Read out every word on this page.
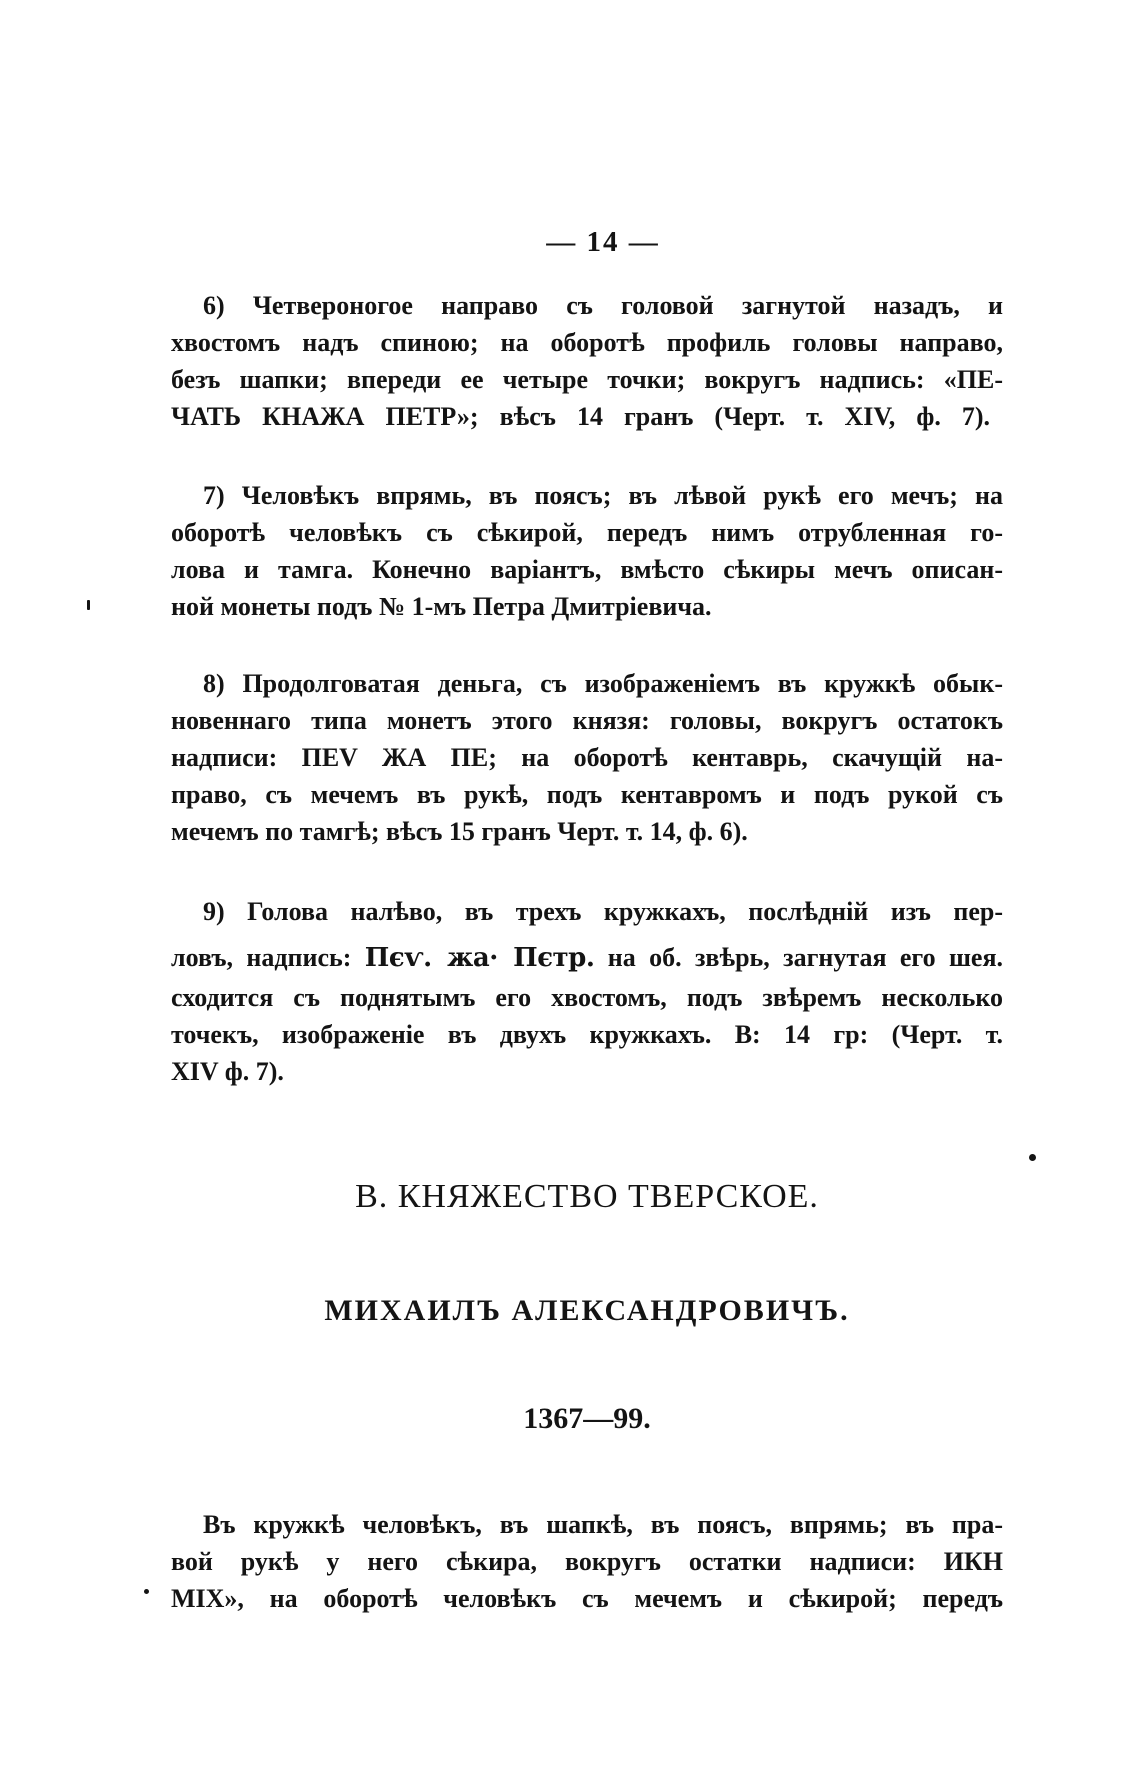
— 14 —
6) Четвероногое направо съ головой загнутой назадъ, и
хвостомъ надъ спиною; на оборотѣ профиль головы направо,
безъ шапки; впереди ее четыре точки; вокругъ надпись: «ПЕ-
ЧАТЬ КНАЖА ПЕТР»; вѣсъ 14 гранъ (Черт. т. XIV, ф. 7).
7) Человѣкъ впрямь, въ поясъ; въ лѣвой рукѣ его мечъ; на
оборотѣ человѣкъ съ сѣкирой, передъ нимъ отрубленная го-
лова и тамга. Конечно варіантъ, вмѣсто сѣкиры мечъ описан-
ной монеты подъ № 1-мъ Петра Дмитріевича.
8) Продолговатая деньга, съ изображеніемъ въ кружкѣ обык-
новеннаго типа монетъ этого князя: головы, вокругъ остатокъ
надписи: ПЕV ЖА ПЕ; на оборотѣ кентаврь, скачущій на-
право, съ мечемъ въ рукѣ, подъ кентавромъ и подъ рукой съ
мечемъ по тамгѣ; вѣсъ 15 гранъ Черт. т. 14, ф. 6).
9) Голова налѣво, въ трехъ кружкахъ, послѣдній изъ пер-
ловъ, надпись: Пєѵ. жа· Пєтр. на об. звѣрь, загнутая его шея.
сходится съ поднятымъ его хвостомъ, подъ звѣремъ несколько
точекъ, изображеніе въ двухъ кружкахъ. В: 14 гр: (Черт. т.
XIV ф. 7).
В. КНЯЖЕСТВО ТВЕРСКОЕ.
МИХАИЛЪ АЛЕКСАНДРОВИЧЪ.
1367—99.
Въ кружкѣ человѣкъ, въ шапкѣ, въ поясъ, впрямь; въ пра-
вой рукѣ у него сѣкира, вокругъ остатки надписи: ИКН
МIХ», на оборотѣ человѣкъ съ мечемъ и сѣкирой; передъ
